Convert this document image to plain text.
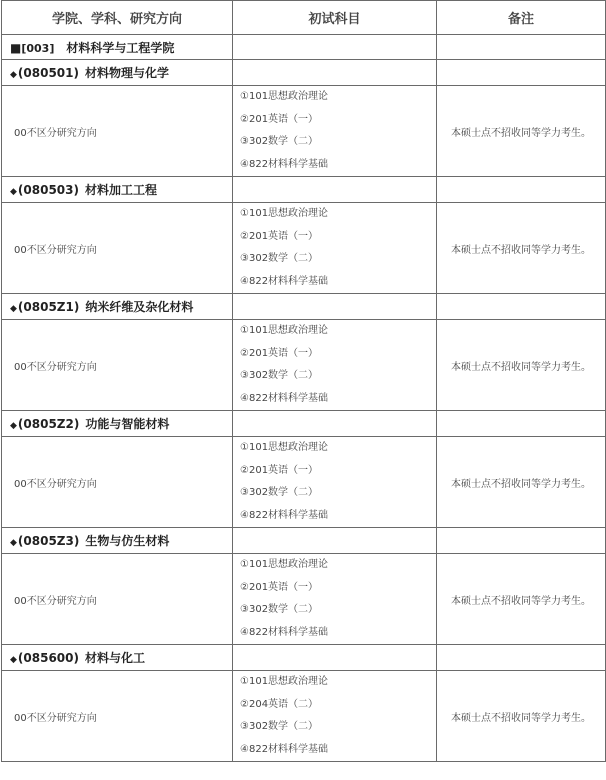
学院、学科、研究方向	初试科目	备注
■[003] 材料科学与工程学院		
◆(080501) 材料物理与化学		
00不区分研究方向	①101思想政治理论
②201英语（一）
③302数学（二）
④822材料科学基础	本硕士点不招收同等学力考生。
◆(080503) 材料加工工程		
00不区分研究方向	①101思想政治理论
②201英语（一）
③302数学（二）
④822材料科学基础	本硕士点不招收同等学力考生。
◆(0805Z1) 纳米纤维及杂化材料		
00不区分研究方向	①101思想政治理论
②201英语（一）
③302数学（二）
④822材料科学基础	本硕士点不招收同等学力考生。
◆(0805Z2) 功能与智能材料		
00不区分研究方向	①101思想政治理论
②201英语（一）
③302数学（二）
④822材料科学基础	本硕士点不招收同等学力考生。
◆(0805Z3) 生物与仿生材料		
00不区分研究方向	①101思想政治理论
②201英语（一）
③302数学（二）
④822材料科学基础	本硕士点不招收同等学力考生。
◆(085600) 材料与化工		
00不区分研究方向	①101思想政治理论
②204英语（二）
③302数学（二）
④822材料科学基础	本硕士点不招收同等学力考生。
